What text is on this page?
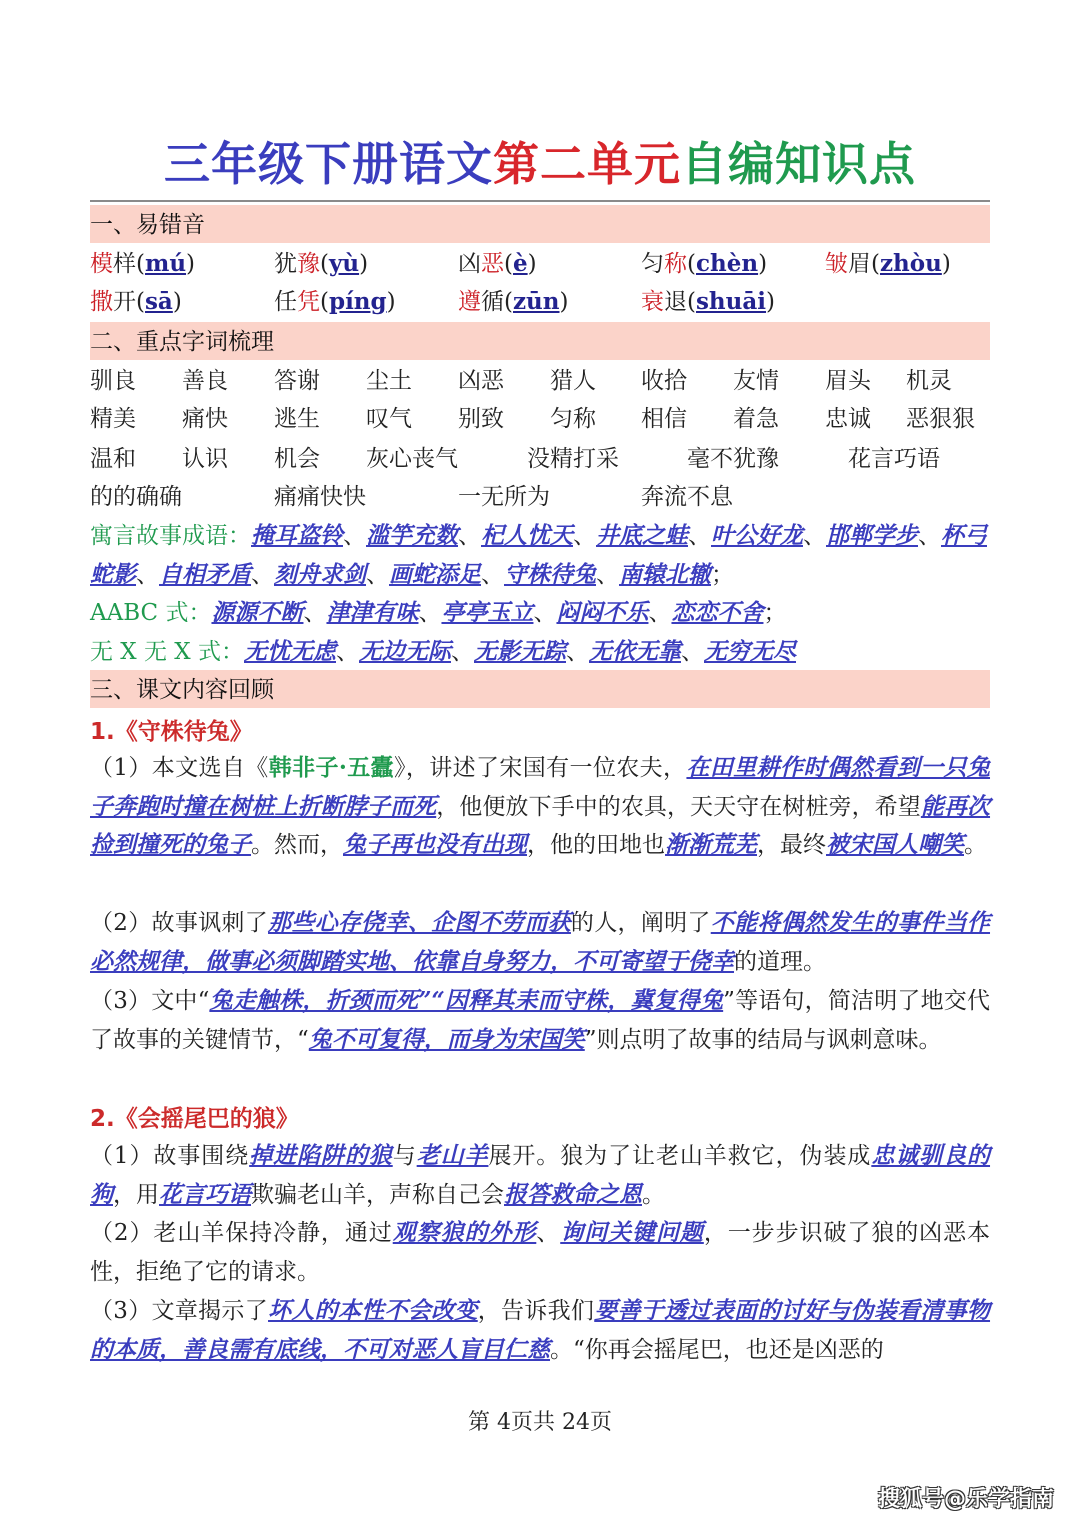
三年级下册语文第二单元自编知识点
一、易错音
模样(mú)	犹豫(yù)	凶恶(è)	匀称(chèn)	皱眉(zhòu)
撒开(sā)	任凭(píng)	遵循(zūn)	衰退(shuāi)
二、重点字词梳理
驯良 善良 答谢 尘土 凶恶 猎人 收拾 友情 眉头 机灵
精美 痛快 逃生 叹气 别致 匀称 相信 着急 忠诚 恶狠狠
温和 认识 机会 灰心丧气	没精打采	毫不犹豫	花言巧语
的的确确	痛痛快快	一无所为	奔流不息
寓言故事成语：掩耳盗铃、滥竽充数、杞人忧天、井底之蛙、叶公好龙、邯郸学步、杯弓蛇影、自相矛盾、刻舟求剑、画蛇添足、守株待兔、南辕北辙；
AABC 式：源源不断、津津有味、亭亭玉立、闷闷不乐、恋恋不舍；
无 X 无 X 式：无忧无虑、无边无际、无影无踪、无依无靠、无穷无尽
三、课文内容回顾
1.《守株待兔》
（1）本文选自《韩非子·五蠹》，讲述了宋国有一位农夫，在田里耕作时偶然看到一只兔子奔跑时撞在树桩上折断脖子而死，他便放下手中的农具，天天守在树桩旁，希望能再次捡到撞死的兔子。然而，兔子再也没有出现，他的田地也渐渐荒芜，最终被宋国人嘲笑。
（2）故事讽刺了那些心存侥幸、企图不劳而获的人，阐明了不能将偶然发生的事件当作必然规律，做事必须脚踏实地、依靠自身努力，不可寄望于侥幸的道理。
（3）文中“兔走触株，折颈而死”“因释其耒而守株，冀复得兔”等语句，简洁明了地交代了故事的关键情节，“兔不可复得，而身为宋国笑”则点明了故事的结局与讽刺意味。
2.《会摇尾巴的狼》
（1）故事围绕掉进陷阱的狼与老山羊展开。狼为了让老山羊救它，伪装成忠诚驯良的狗，用花言巧语欺骗老山羊，声称自己会报答救命之恩。
（2）老山羊保持冷静，通过观察狼的外形、询问关键问题，一步步识破了狼的凶恶本性，拒绝了它的请求。
（3）文章揭示了坏人的本性不会改变，告诉我们要善于透过表面的讨好与伪装看清事物的本质，善良需有底线，不可对恶人盲目仁慈。“你再会摇尾巴，也还是凶恶的
第 4页共 24页
搜狐号@乐学指南
